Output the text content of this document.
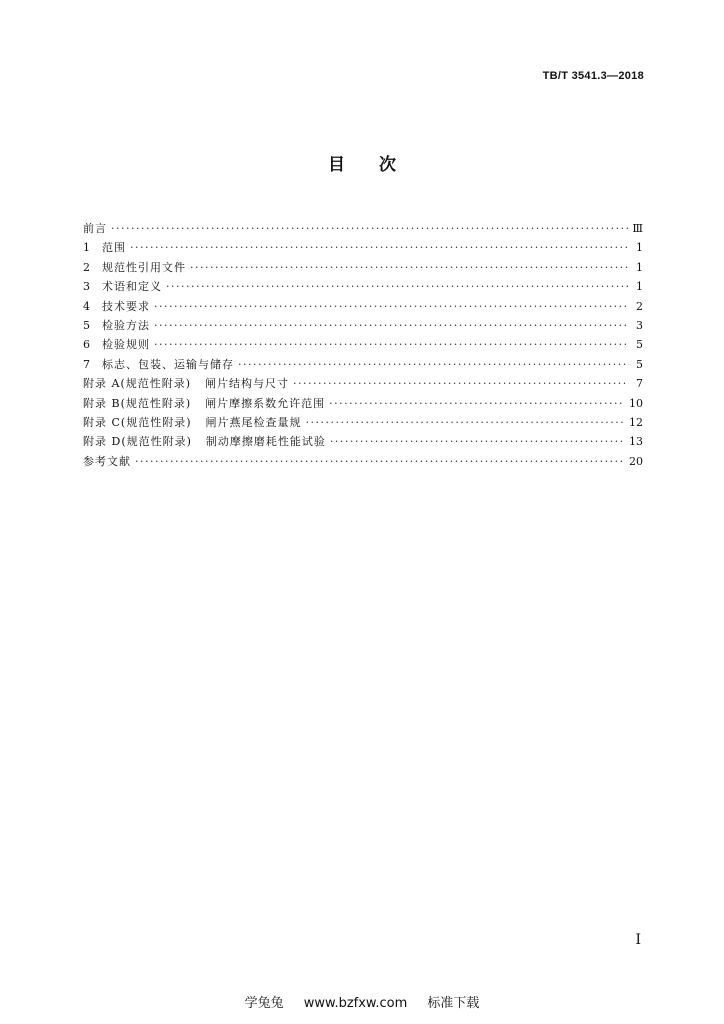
TB/T 3541.3—2018
目次
前言 ·····	Ⅲ
1 范围 ·····	1
2 规范性引用文件 ·····	1
3 术语和定义 ·····	1
4 技术要求 ·····	2
5 检验方法 ·····	3
6 检验规则 ·····	5
7 标志、包装、运输与储存 ·····	5
附录 A(规范性附录) 闸片结构与尺寸 ·····	7
附录 B(规范性附录) 闸片摩擦系数允许范围 ·····	10
附录 C(规范性附录) 闸片燕尾检查量规 ·····	12
附录 D(规范性附录) 制动摩擦磨耗性能试验 ·····	13
参考文献 ·····	20
I
学兔兔 www.bzfxw.com 标准下载
